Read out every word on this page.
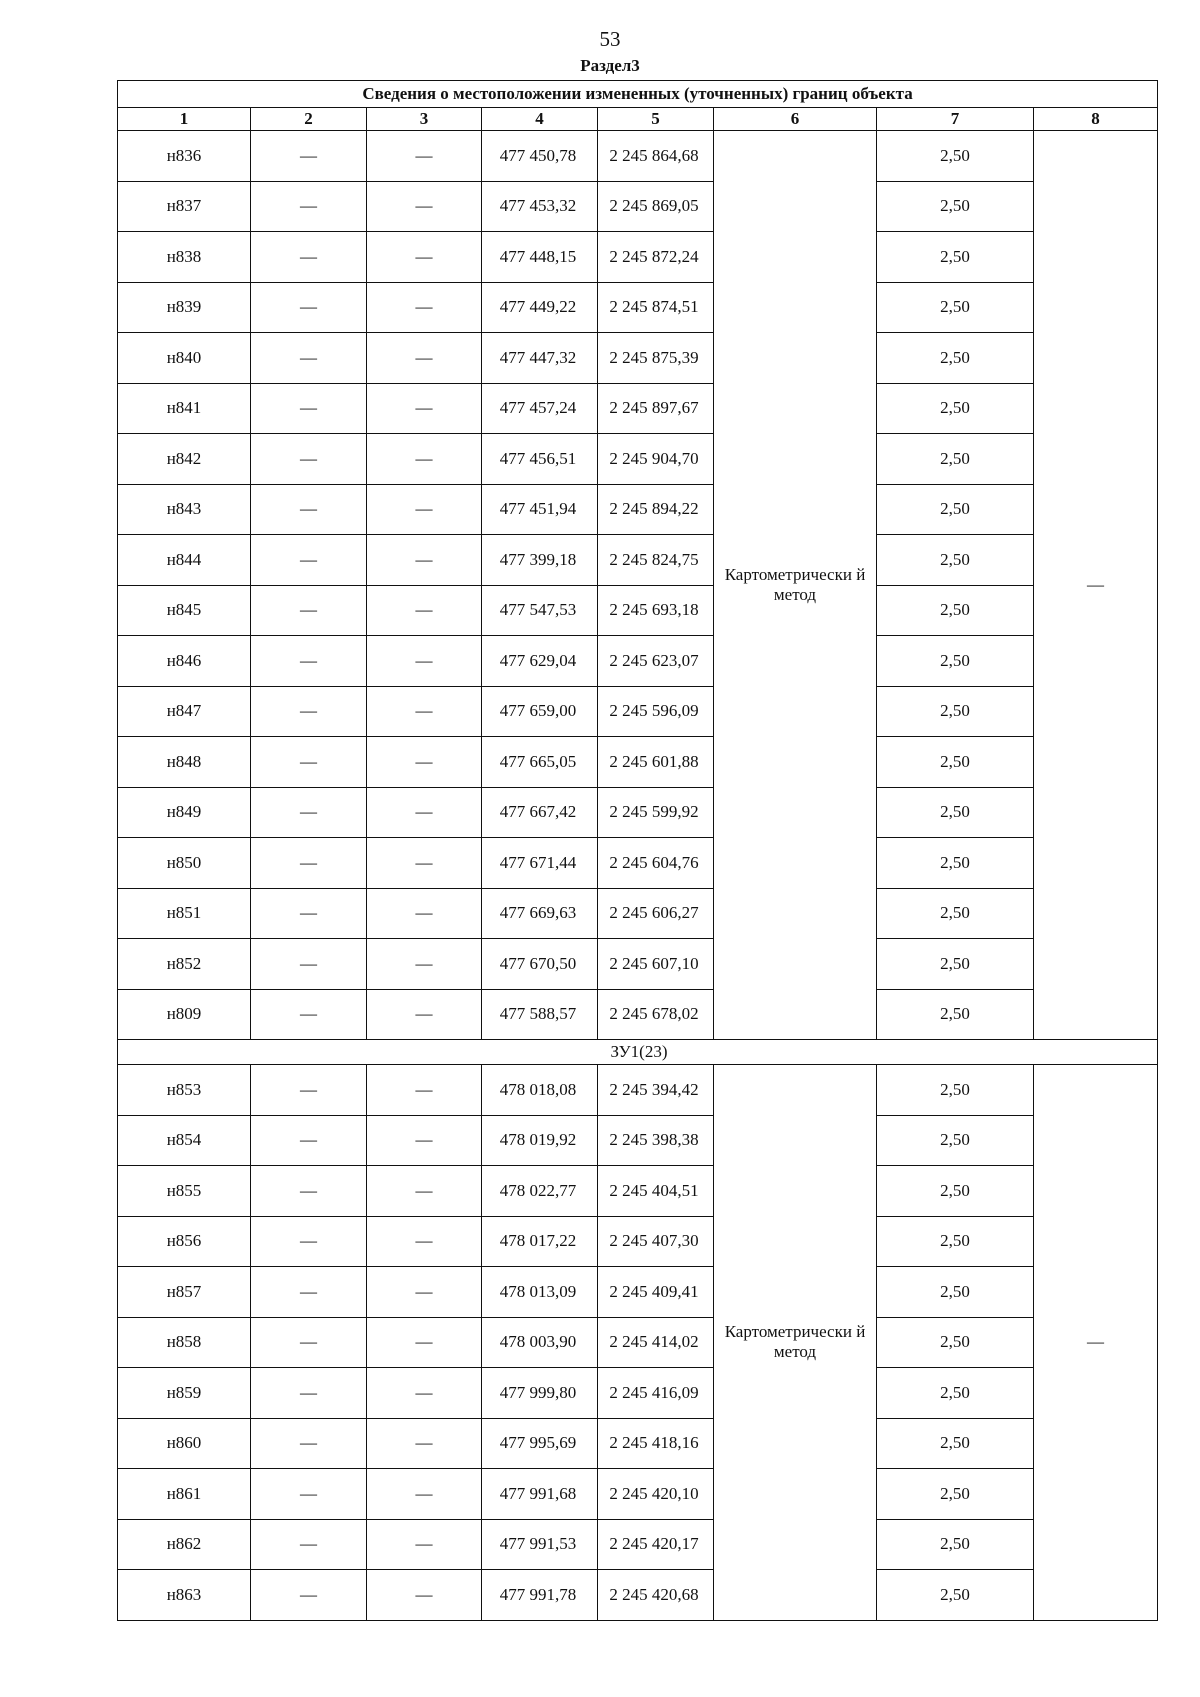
53
Раздел3
Сведения о местоположении измененных (уточненных) границ объекта							
1	2	3	4	5	6	7	8
н836	—	—	477 450,78	2 245 864,68	Картометрически й метод	2,50	—
н837	—	—	477 453,32	2 245 869,05		2,50	
н838	—	—	477 448,15	2 245 872,24		2,50	
н839	—	—	477 449,22	2 245 874,51		2,50	
н840	—	—	477 447,32	2 245 875,39		2,50	
н841	—	—	477 457,24	2 245 897,67		2,50	
н842	—	—	477 456,51	2 245 904,70		2,50	
н843	—	—	477 451,94	2 245 894,22		2,50	
н844	—	—	477 399,18	2 245 824,75		2,50	
н845	—	—	477 547,53	2 245 693,18		2,50	
н846	—	—	477 629,04	2 245 623,07		2,50	
н847	—	—	477 659,00	2 245 596,09		2,50	
н848	—	—	477 665,05	2 245 601,88		2,50	
н849	—	—	477 667,42	2 245 599,92		2,50	
н850	—	—	477 671,44	2 245 604,76		2,50	
н851	—	—	477 669,63	2 245 606,27		2,50	
н852	—	—	477 670,50	2 245 607,10		2,50	
н809	—	—	477 588,57	2 245 678,02		2,50	
ЗУ1(23)							
н853	—	—	478 018,08	2 245 394,42	Картометрически й метод	2,50	—
н854	—	—	478 019,92	2 245 398,38		2,50	
н855	—	—	478 022,77	2 245 404,51		2,50	
н856	—	—	478 017,22	2 245 407,30		2,50	
н857	—	—	478 013,09	2 245 409,41		2,50	
н858	—	—	478 003,90	2 245 414,02		2,50	
н859	—	—	477 999,80	2 245 416,09		2,50	
н860	—	—	477 995,69	2 245 418,16		2,50	
н861	—	—	477 991,68	2 245 420,10		2,50	
н862	—	—	477 991,53	2 245 420,17		2,50	
н863	—	—	477 991,78	2 245 420,68		2,50	
